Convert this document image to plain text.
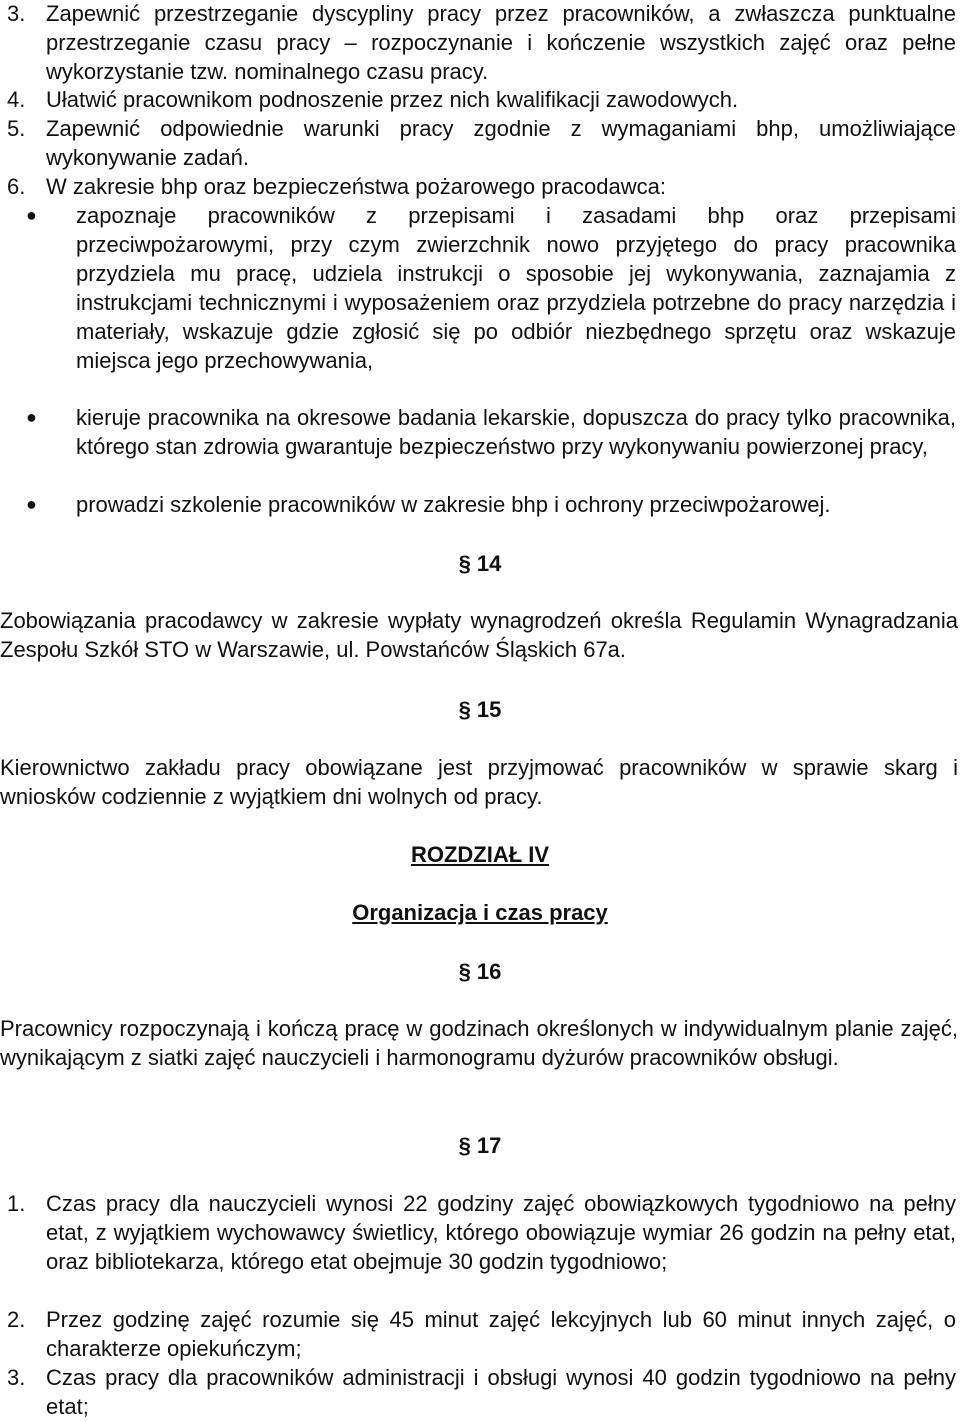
3. Zapewnić przestrzeganie dyscypliny pracy przez pracowników, a zwłaszcza punktualne przestrzeganie czasu pracy – rozpoczynanie i kończenie wszystkich zajęć oraz pełne wykorzystanie tzw. nominalnego czasu pracy.
4. Ułatwić pracownikom podnoszenie przez nich kwalifikacji zawodowych.
5. Zapewnić odpowiednie warunki pracy zgodnie z wymaganiami bhp, umożliwiające wykonywanie zadań.
6. W zakresie bhp oraz bezpieczeństwa pożarowego pracodawca:
● zapoznaje pracowników z przepisami i zasadami bhp oraz przepisami przeciwpożarowymi, przy czym zwierzchnik nowo przyjętego do pracy pracownika przydziela mu pracę, udziela instrukcji o sposobie jej wykonywania, zaznajamia z instrukcjami technicznymi i wyposażeniem oraz przydziela potrzebne do pracy narzędzia i materiały, wskazuje gdzie zgłosić się po odbiór niezbędnego sprzętu oraz wskazuje miejsca jego przechowywania,
● kieruje pracownika na okresowe badania lekarskie, dopuszcza do pracy tylko pracownika, którego stan zdrowia gwarantuje bezpieczeństwo przy wykonywaniu powierzonej pracy,
● prowadzi szkolenie pracowników w zakresie bhp i ochrony przeciwpożarowej.
§ 14
Zobowiązania pracodawcy w zakresie wypłaty wynagrodzeń określa Regulamin Wynagradzania Zespołu Szkół STO w Warszawie, ul. Powstańców Śląskich 67a.
§ 15
Kierownictwo zakładu pracy obowiązane jest przyjmować pracowników w sprawie skarg i wniosków codziennie z wyjątkiem dni wolnych od pracy.
ROZDZIAŁ IV
Organizacja i czas pracy
§ 16
Pracownicy rozpoczynają i kończą pracę w godzinach określonych w indywidualnym planie zajęć, wynikającym z siatki zajęć nauczycieli i harmonogramu dyżurów pracowników obsługi.
§ 17
1. Czas pracy dla nauczycieli wynosi 22 godziny zajęć obowiązkowych tygodniowo na pełny etat, z wyjątkiem wychowawcy świetlicy, którego obowiązuje wymiar 26 godzin na pełny etat, oraz bibliotekarza, którego etat obejmuje 30 godzin tygodniowo;
2. Przez godzinę zajęć rozumie się 45 minut zajęć lekcyjnych lub 60 minut innych zajęć, o charakterze opiekuńczym;
3. Czas pracy dla pracowników administracji i obsługi wynosi 40 godzin tygodniowo na pełny etat;
